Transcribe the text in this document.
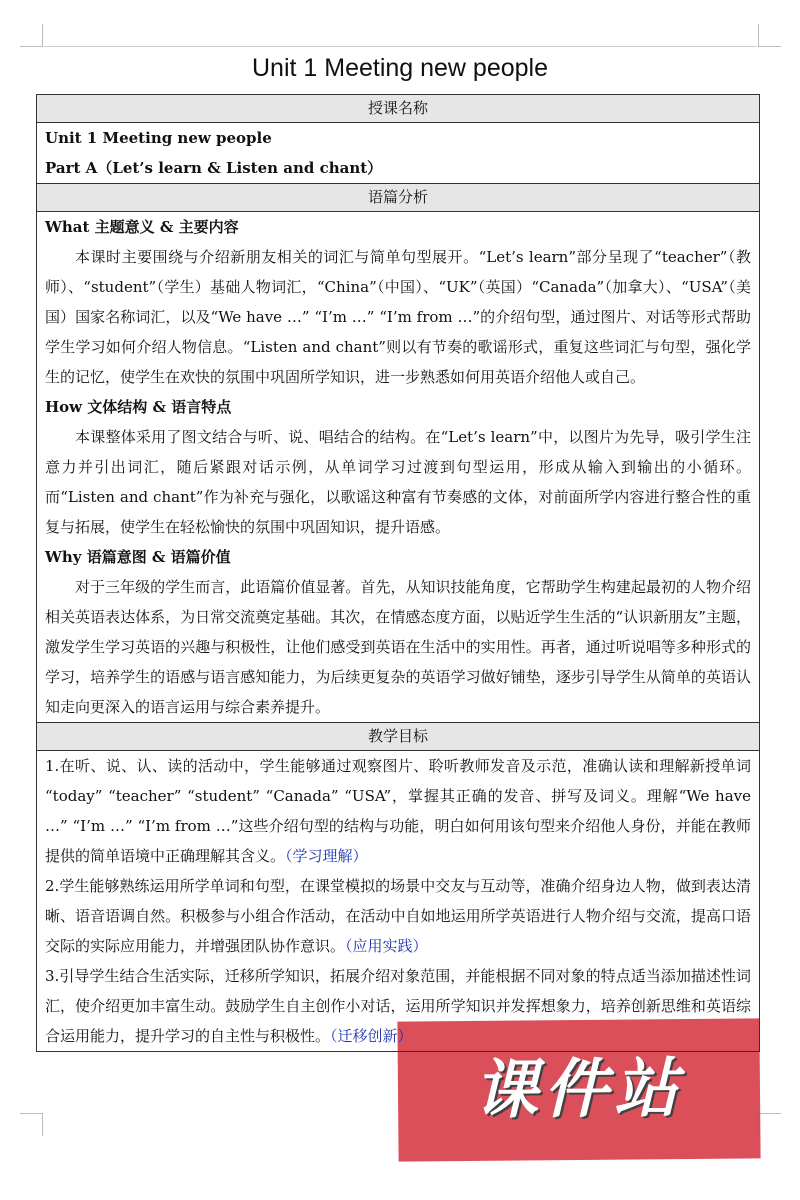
Unit 1 Meeting new people
授课名称

Unit 1 Meeting new people
Part A（Let’s learn & Listen and chant）

语篇分析

What 主题意义 & 主要内容
本课时主要围绕与介绍新朋友相关的词汇与简单句型展开。“Let’s learn”部分呈现了“teacher”（教师）、“student”（学生）基础人物词汇，“China”（中国）、“UK”（英国）“Canada”（加拿大）、“USA”（美国）国家名称词汇，以及“We have …” “I’m …” “I’m from …”的介绍句型，通过图片、对话等形式帮助学生学习如何介绍人物信息。“Listen and chant”则以有节奏的歌谣形式，重复这些词汇与句型，强化学生的记忆，使学生在欢快的氛围中巩固所学知识，进一步熟悉如何用英语介绍他人或自己。
How 文体结构 & 语言特点
本课整体采用了图文结合与听、说、唱结合的结构。在“Let’s learn”中，以图片为先导，吸引学生注意力并引出词汇，随后紧跟对话示例，从单词学习过渡到句型运用，形成从输入到输出的小循环。而“Listen and chant”作为补充与强化，以歌谣这种富有节奏感的文体，对前面所学内容进行整合性的重复与拓展，使学生在轻松愉快的氛围中巩固知识，提升语感。
Why 语篇意图 & 语篇价值
对于三年级的学生而言，此语篇价值显著。首先，从知识技能角度，它帮助学生构建起最初的人物介绍相关英语表达体系，为日常交流奠定基础。其次，在情感态度方面，以贴近学生生活的“认识新朋友”主题，激发学生学习英语的兴趣与积极性，让他们感受到英语在生活中的实用性。再者，通过听说唱等多种形式的学习，培养学生的语感与语言感知能力，为后续更复杂的英语学习做好铺垫，逐步引导学生从简单的英语认知走向更深入的语言运用与综合素养提升。

教学目标

1.在听、说、认、读的活动中，学生能够通过观察图片、聆听教师发音及示范，准确认读和理解新授单词 “today” “teacher” “student” “Canada” “USA”，掌握其正确的发音、拼写及词义。理解“We have …” “I’m …” “I’m from …”这些介绍句型的结构与功能，明白如何用该句型来介绍他人身份，并能在教师提供的简单语境中正确理解其含义。（学习理解）
2.学生能够熟练运用所学单词和句型，在课堂模拟的场景中交友与互动等，准确介绍身边人物，做到表达清晰、语音语调自然。积极参与小组合作活动，在活动中自如地运用所学英语进行人物介绍与交流，提高口语交际的实际应用能力，并增强团队协作意识。（应用实践）
3.引导学生结合生活实际，迁移所学知识，拓展介绍对象范围，并能根据不同对象的特点适当添加描述性词汇，使介绍更加丰富生动。鼓励学生自主创作小对话，运用所学知识并发挥想象力，培养创新思维和英语综合运用能力，提升学习的自主性与积极性。（迁移创新）
课件站
